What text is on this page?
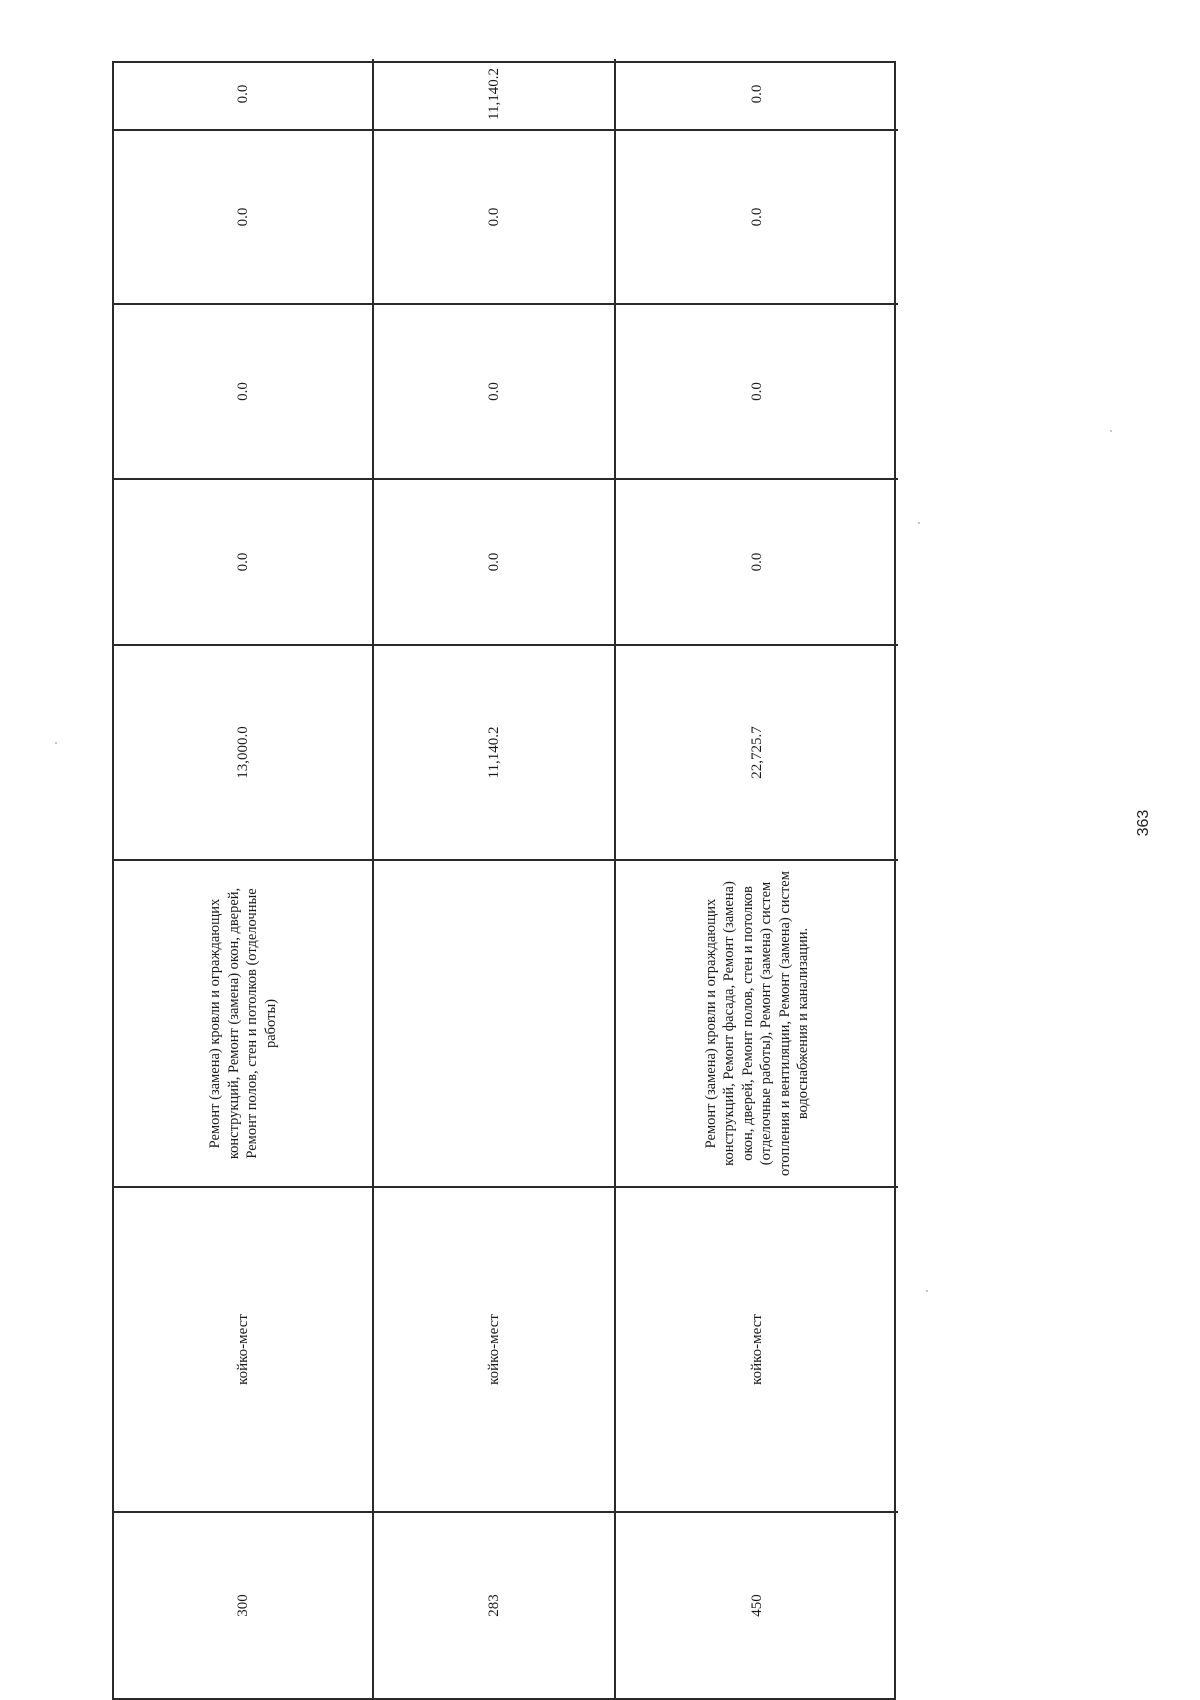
300
койко-мест
Ремонт (замена) кровли и ограждающих конструкций, Ремонт (замена) окон, дверей, Ремонт полов, стен и потолков (отделочные работы)
13,000.0
0.0
0.0
0.0
0.0
283
койко-мест
11,140.2
0.0
0.0
0.0
11,140.2
450
койко-мест
Ремонт (замена) кровли и ограждающих конструкций, Ремонт фасада, Ремонт (замена) окон, дверей, Ремонт полов, стен и потолков (отделочные работы), Ремонт (замена) систем отопления и вентиляции, Ремонт (замена) систем водоснабжения и канализации.
22,725.7
0.0
0.0
0.0
0.0
363
